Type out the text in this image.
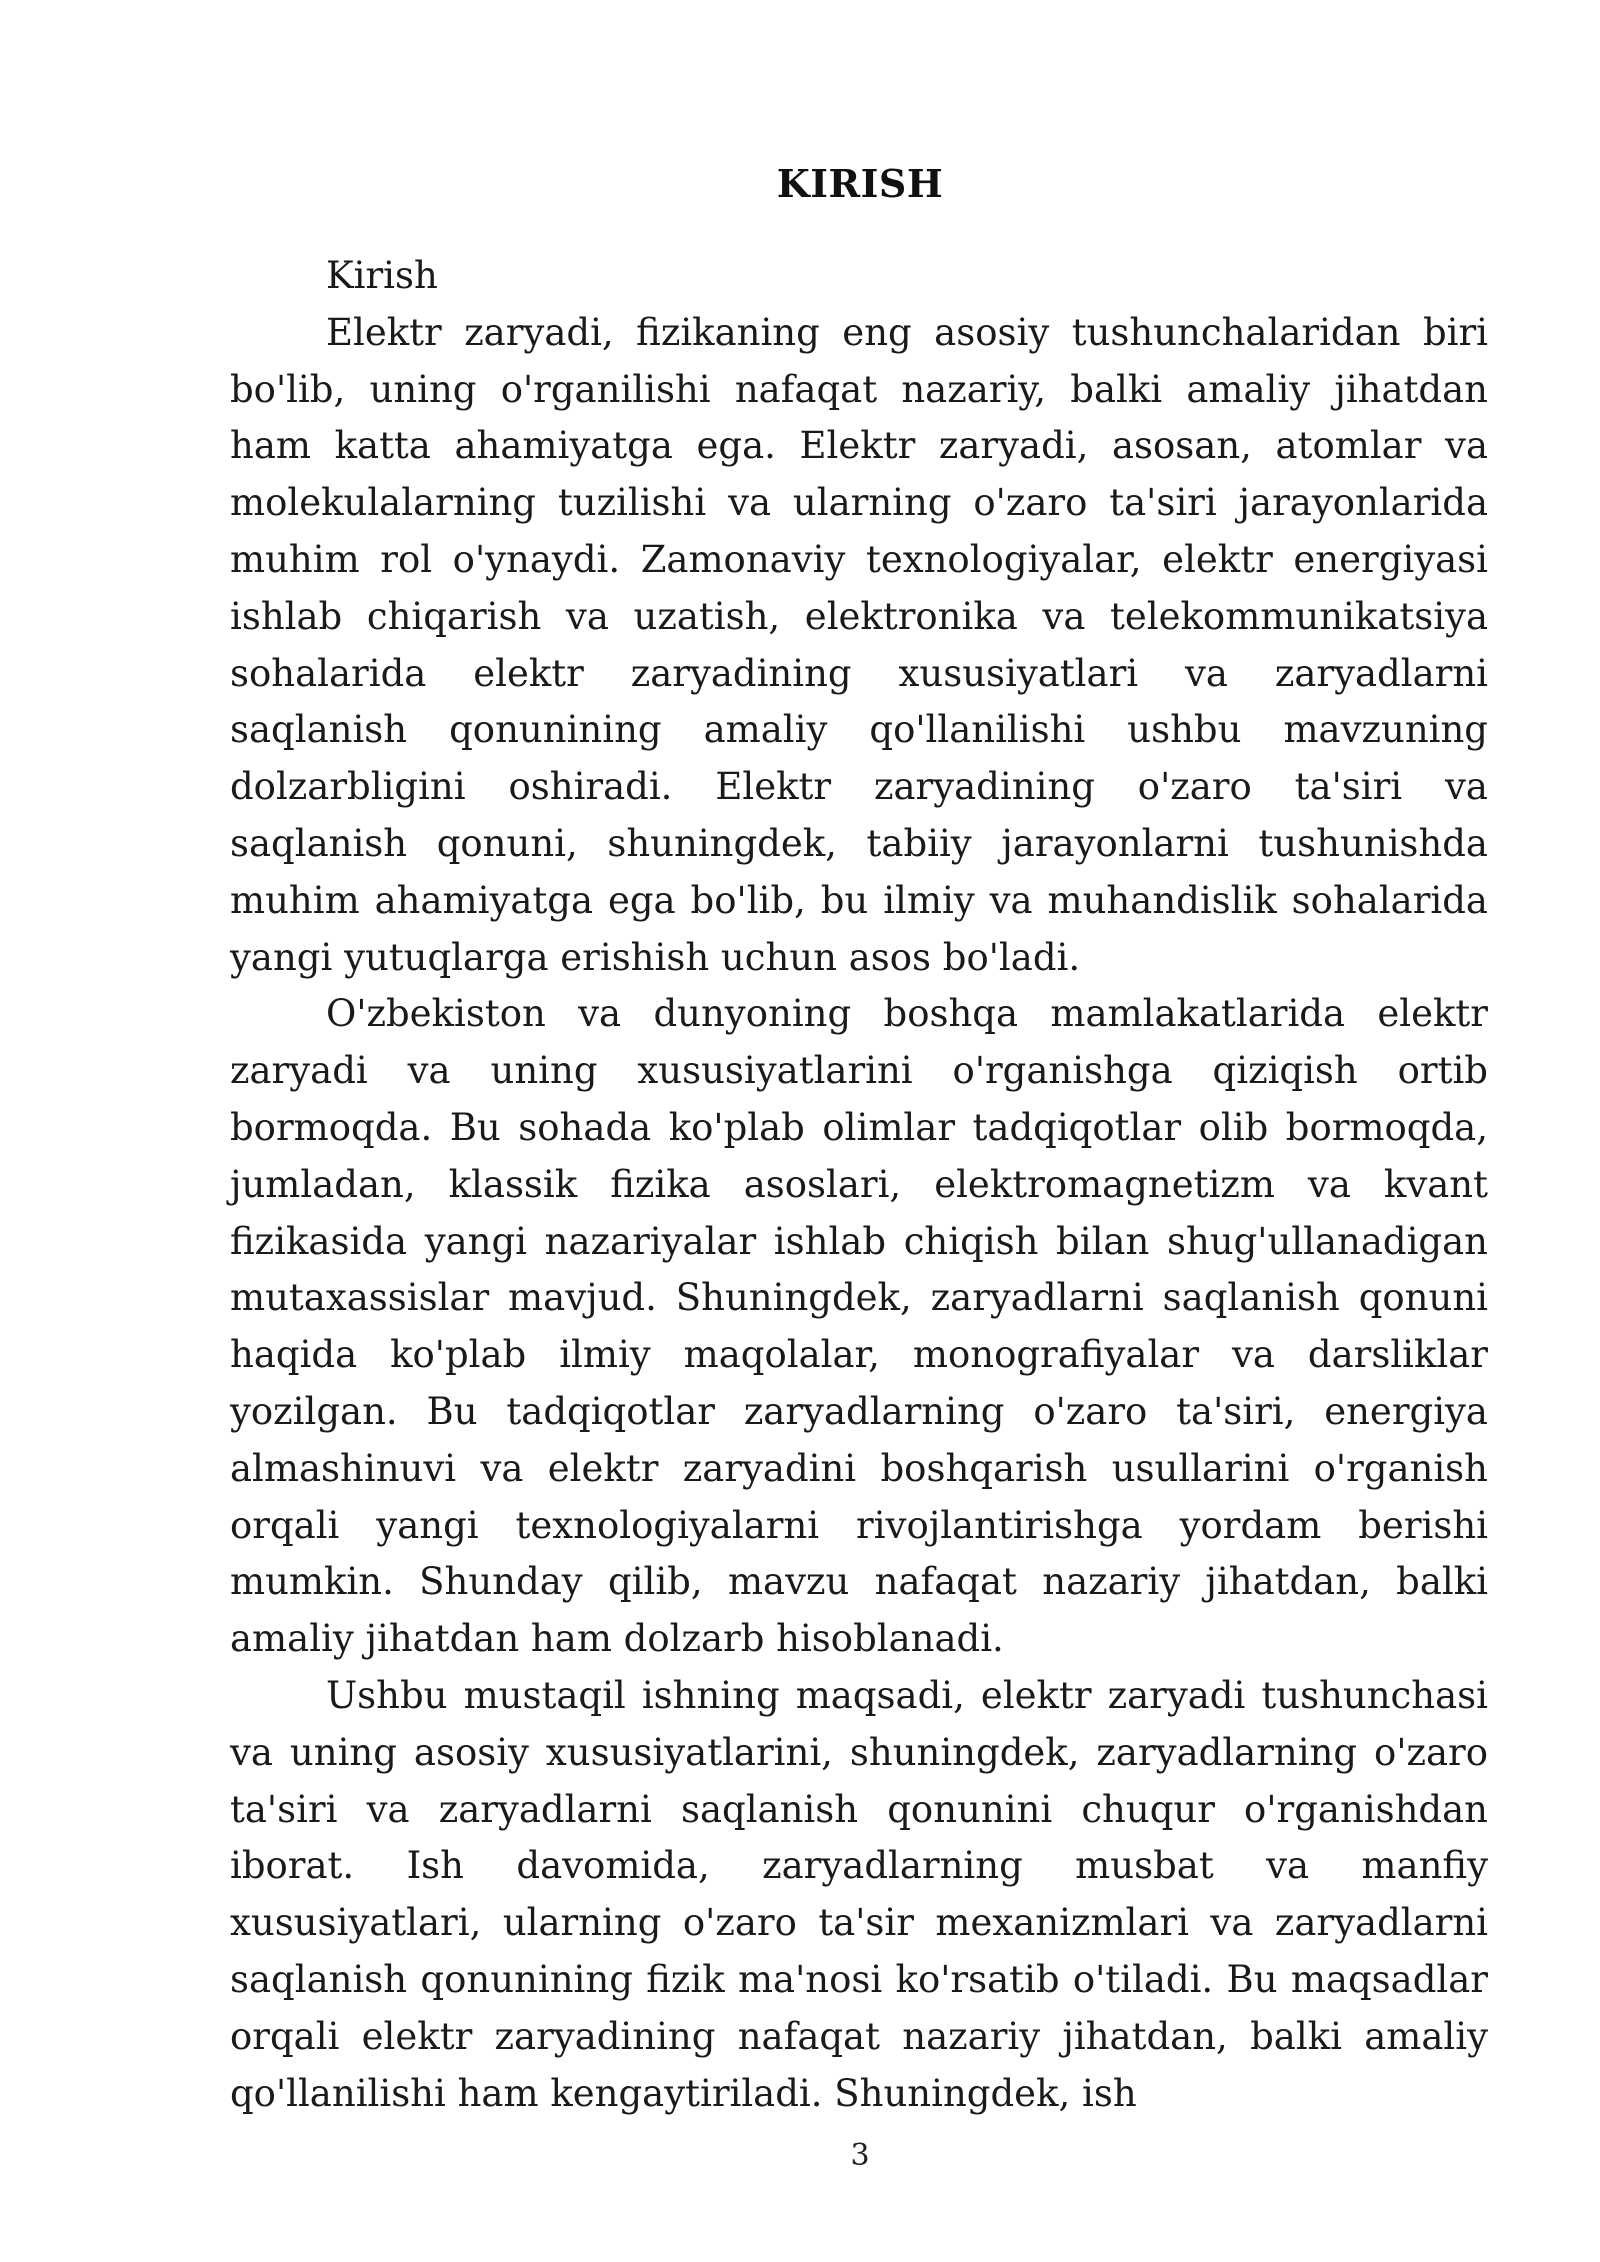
KIRISH

Kirish

Elektr zaryadi, fizikaning eng asosiy tushunchalaridan biri bo'lib, uning o'rganilishi nafaqat nazariy, balki amaliy jihatdan ham katta ahamiyatga ega. Elektr zaryadi, asosan, atomlar va molekulalarning tuzilishi va ularning o'zaro ta'siri jarayonlarida muhim rol o'ynaydi. Zamonaviy texnologiyalar, elektr energiyasi ishlab chiqarish va uzatish, elektronika va telekommunikatsiya sohalarida elektr zaryadining xususiyatlari va zaryadlarni saqlanish qonunining amaliy qo'llanilishi ushbu mavzuning dolzarbligini oshiradi. Elektr zaryadining o'zaro ta'siri va saqlanish qonuni, shuningdek, tabiiy jarayonlarni tushunishda muhim ahamiyatga ega bo'lib, bu ilmiy va muhandislik sohalarida yangi yutuqlarga erishish uchun asos bo'ladi.

O'zbekiston va dunyoning boshqa mamlakatlarida elektr zaryadi va uning xususiyatlarini o'rganishga qiziqish ortib bormoqda. Bu sohada ko'plab olimlar tadqiqotlar olib bormoqda, jumladan, klassik fizika asoslari, elektromagnetizm va kvant fizikasida yangi nazariyalar ishlab chiqish bilan shug'ullanadigan mutaxassislar mavjud. Shuningdek, zaryadlarni saqlanish qonuni haqida ko'plab ilmiy maqolalar, monografiyalar va darsliklar yozilgan. Bu tadqiqotlar zaryadlarning o'zaro ta'siri, energiya almashinuvi va elektr zaryadini boshqarish usullarini o'rganish orqali yangi texnologiyalarni rivojlantirishga yordam berishi mumkin. Shunday qilib, mavzu nafaqat nazariy jihatdan, balki amaliy jihatdan ham dolzarb hisoblanadi.

Ushbu mustaqil ishning maqsadi, elektr zaryadi tushunchasi va uning asosiy xususiyatlarini, shuningdek, zaryadlarning o'zaro ta'siri va zaryadlarni saqlanish qonunini chuqur o'rganishdan iborat. Ish davomida, zaryadlarning musbat va manfiy xususiyatlari, ularning o'zaro ta'sir mexanizmlari va zaryadlarni saqlanish qonunining fizik ma'nosi ko'rsatib o'tiladi. Bu maqsadlar orqali elektr zaryadining nafaqat nazariy jihatdan, balki amaliy qo'llanilishi ham kengaytiriladi. Shuningdek, ish

3
